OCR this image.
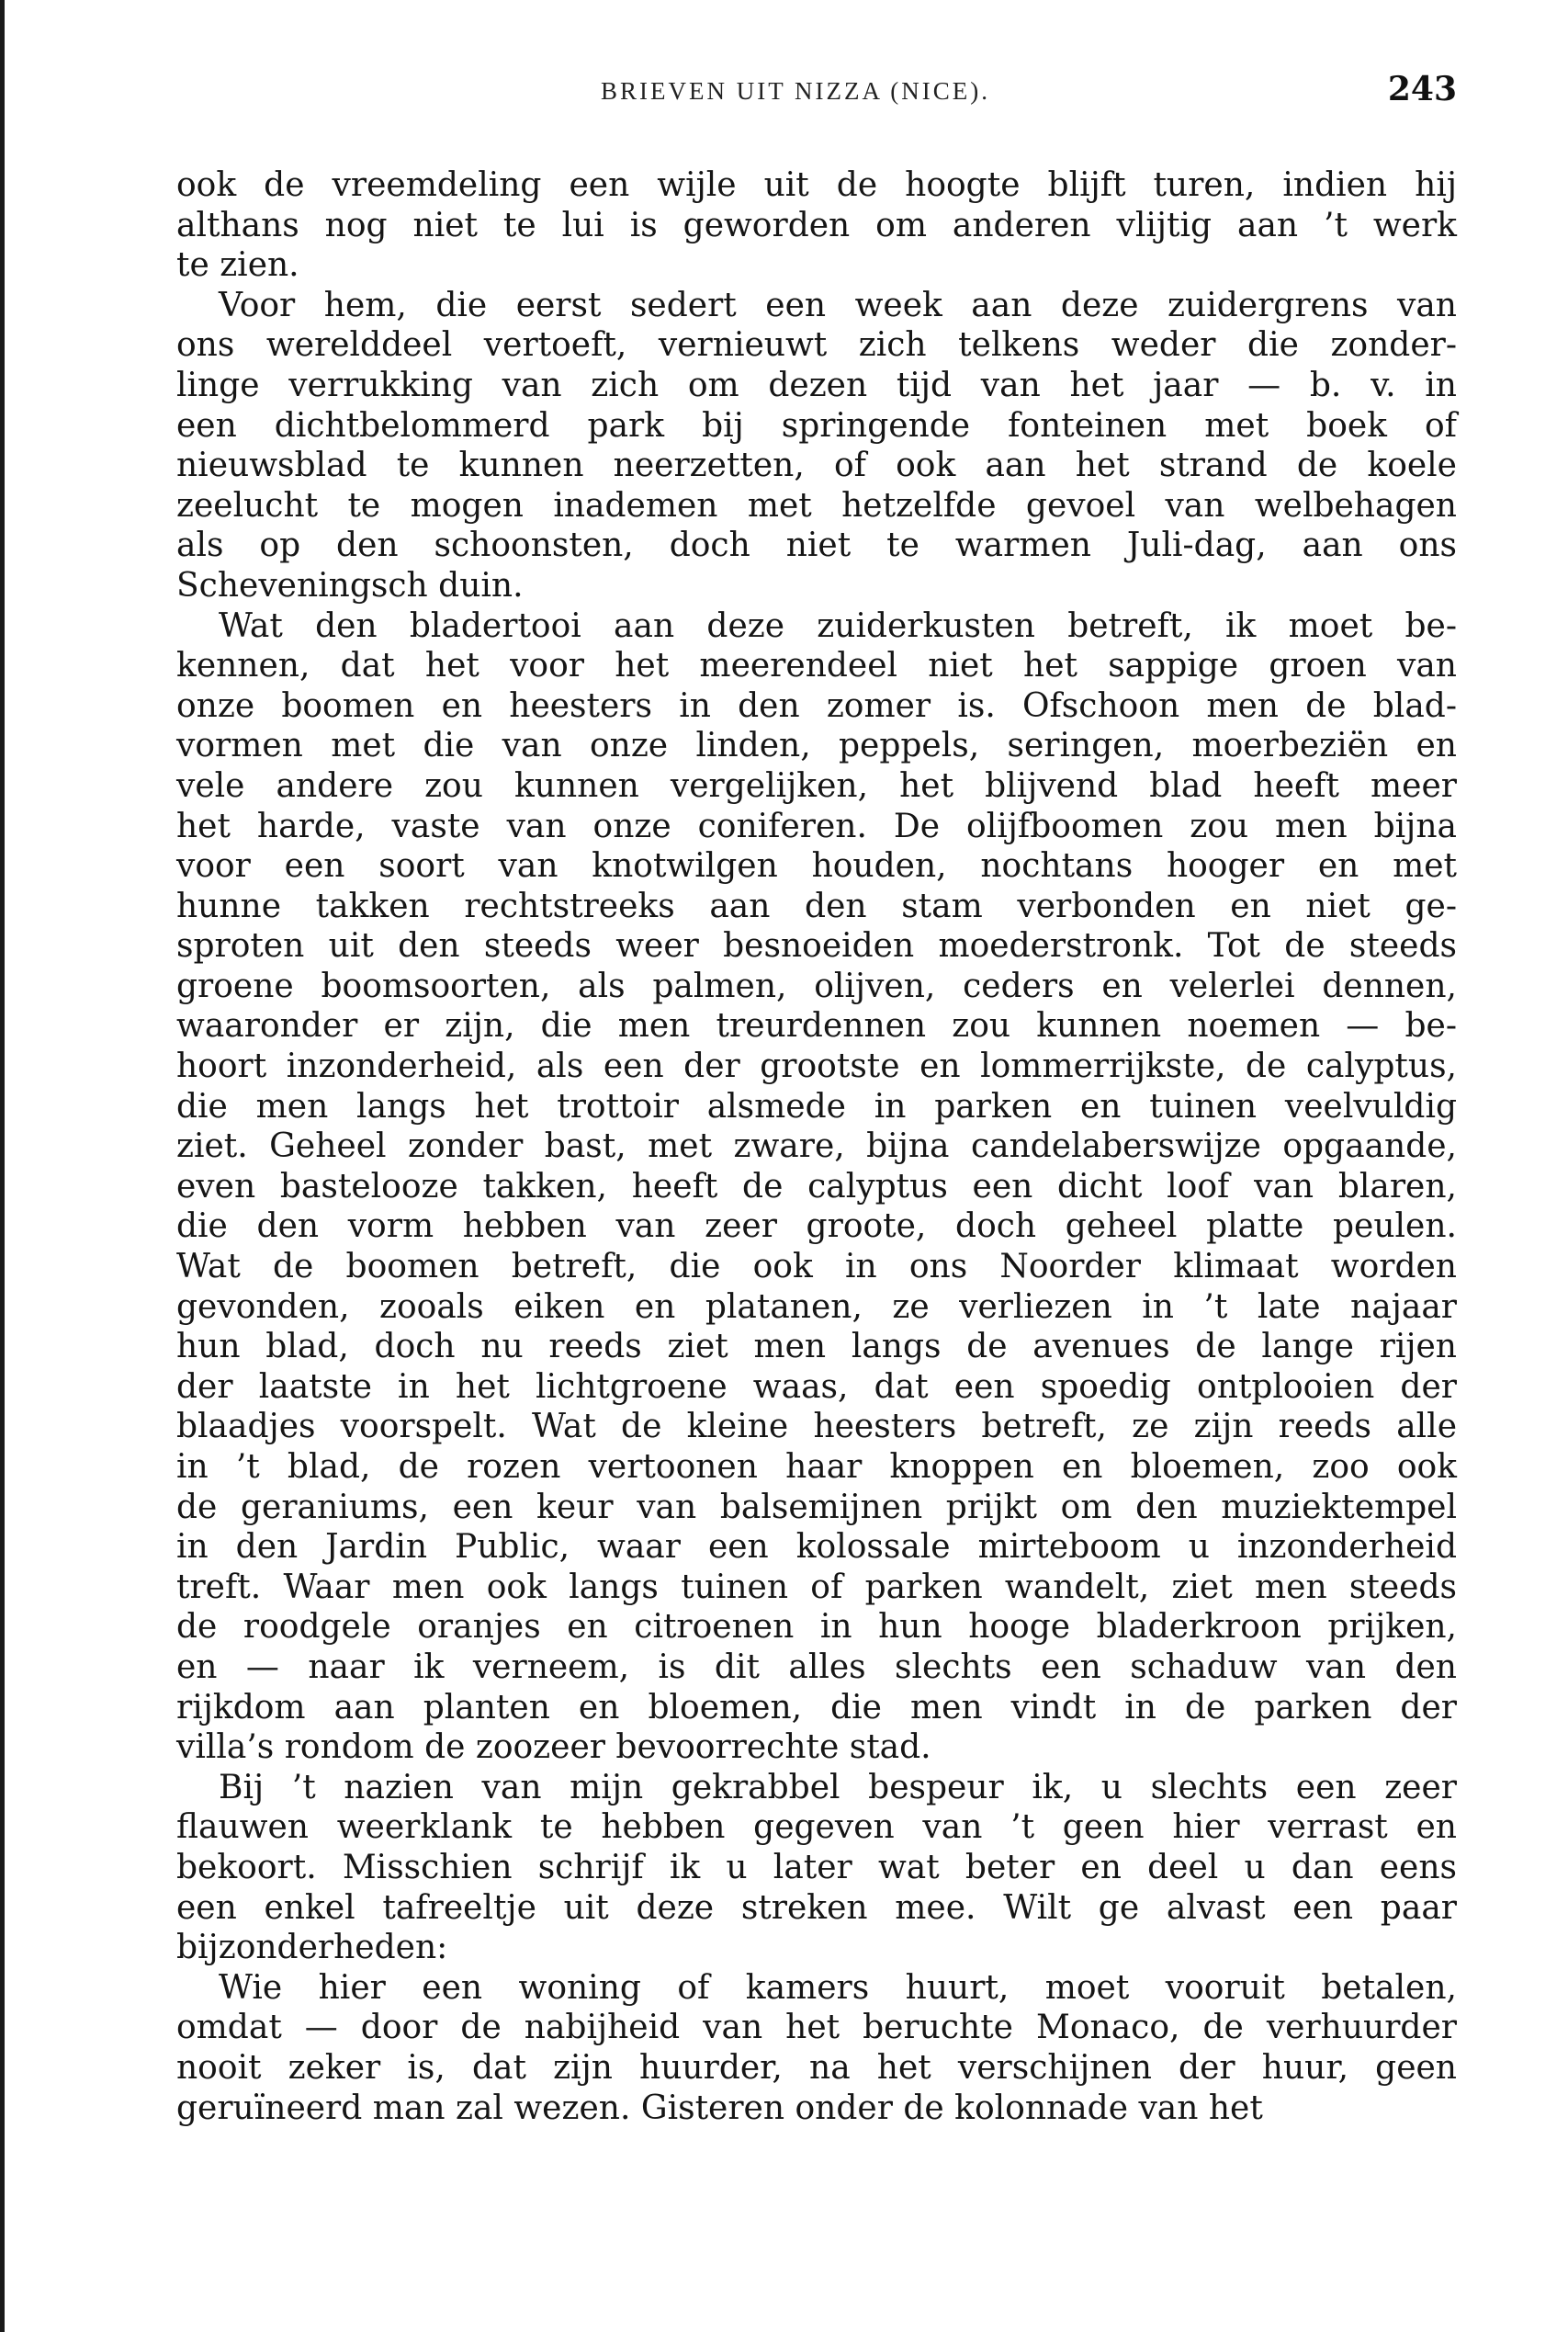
BRIEVEN UIT NIZZA (NICE).	243
ook de vreemdeling een wijle uit de hoogte blijft turen, indien hij
althans nog niet te lui is geworden om anderen vlijtig aan ’t werk
te zien.
Voor hem, die eerst sedert een week aan deze zuidergrens van
ons werelddeel vertoeft, vernieuwt zich telkens weder die zonder-
linge verrukking van zich om dezen tijd van het jaar — b. v. in
een dichtbelommerd park bij springende fonteinen met boek of
nieuwsblad te kunnen neerzetten, of ook aan het strand de koele
zeelucht te mogen inademen met hetzelfde gevoel van welbehagen
als op den schoonsten, doch niet te warmen Juli-dag, aan ons
Scheveningsch duin.
Wat den bladertooi aan deze zuiderkusten betreft, ik moet be-
kennen, dat het voor het meerendeel niet het sappige groen van
onze boomen en heesters in den zomer is. Ofschoon men de blad-
vormen met die van onze linden, peppels, seringen, moerbeziën en
vele andere zou kunnen vergelijken, het blijvend blad heeft meer
het harde, vaste van onze coniferen. De olijfboomen zou men bijna
voor een soort van knotwilgen houden, nochtans hooger en met
hunne takken rechtstreeks aan den stam verbonden en niet ge-
sproten uit den steeds weer besnoeiden moederstronk. Tot de steeds
groene boomsoorten, als palmen, olijven, ceders en velerlei dennen,
waaronder er zijn, die men treurdennen zou kunnen noemen — be-
hoort inzonderheid, als een der grootste en lommerrijkste, de calyptus,
die men langs het trottoir alsmede in parken en tuinen veelvuldig
ziet. Geheel zonder bast, met zware, bijna candelaberswijze opgaande,
even bastelooze takken, heeft de calyptus een dicht loof van blaren,
die den vorm hebben van zeer groote, doch geheel platte peulen.
Wat de boomen betreft, die ook in ons Noorder klimaat worden
gevonden, zooals eiken en platanen, ze verliezen in ’t late najaar
hun blad, doch nu reeds ziet men langs de avenues de lange rijen
der laatste in het lichtgroene waas, dat een spoedig ontplooien der
blaadjes voorspelt. Wat de kleine heesters betreft, ze zijn reeds alle
in ’t blad, de rozen vertoonen haar knoppen en bloemen, zoo ook
de geraniums, een keur van balsemijnen prijkt om den muziektempel
in den Jardin Public, waar een kolossale mirteboom u inzonderheid
treft. Waar men ook langs tuinen of parken wandelt, ziet men steeds
de roodgele oranjes en citroenen in hun hooge bladerkroon prijken,
en — naar ik verneem, is dit alles slechts een schaduw van den
rijkdom aan planten en bloemen, die men vindt in de parken der
villa’s rondom de zoozeer bevoorrechte stad.
Bij ’t nazien van mijn gekrabbel bespeur ik, u slechts een zeer
flauwen weerklank te hebben gegeven van ’t geen hier verrast en
bekoort. Misschien schrijf ik u later wat beter en deel u dan eens
een enkel tafreeltje uit deze streken mee. Wilt ge alvast een paar
bijzonderheden:
Wie hier een woning of kamers huurt, moet vooruit betalen,
omdat — door de nabijheid van het beruchte Monaco, de verhuurder
nooit zeker is, dat zijn huurder, na het verschijnen der huur, geen
geruïneerd man zal wezen. Gisteren onder de kolonnade van het
